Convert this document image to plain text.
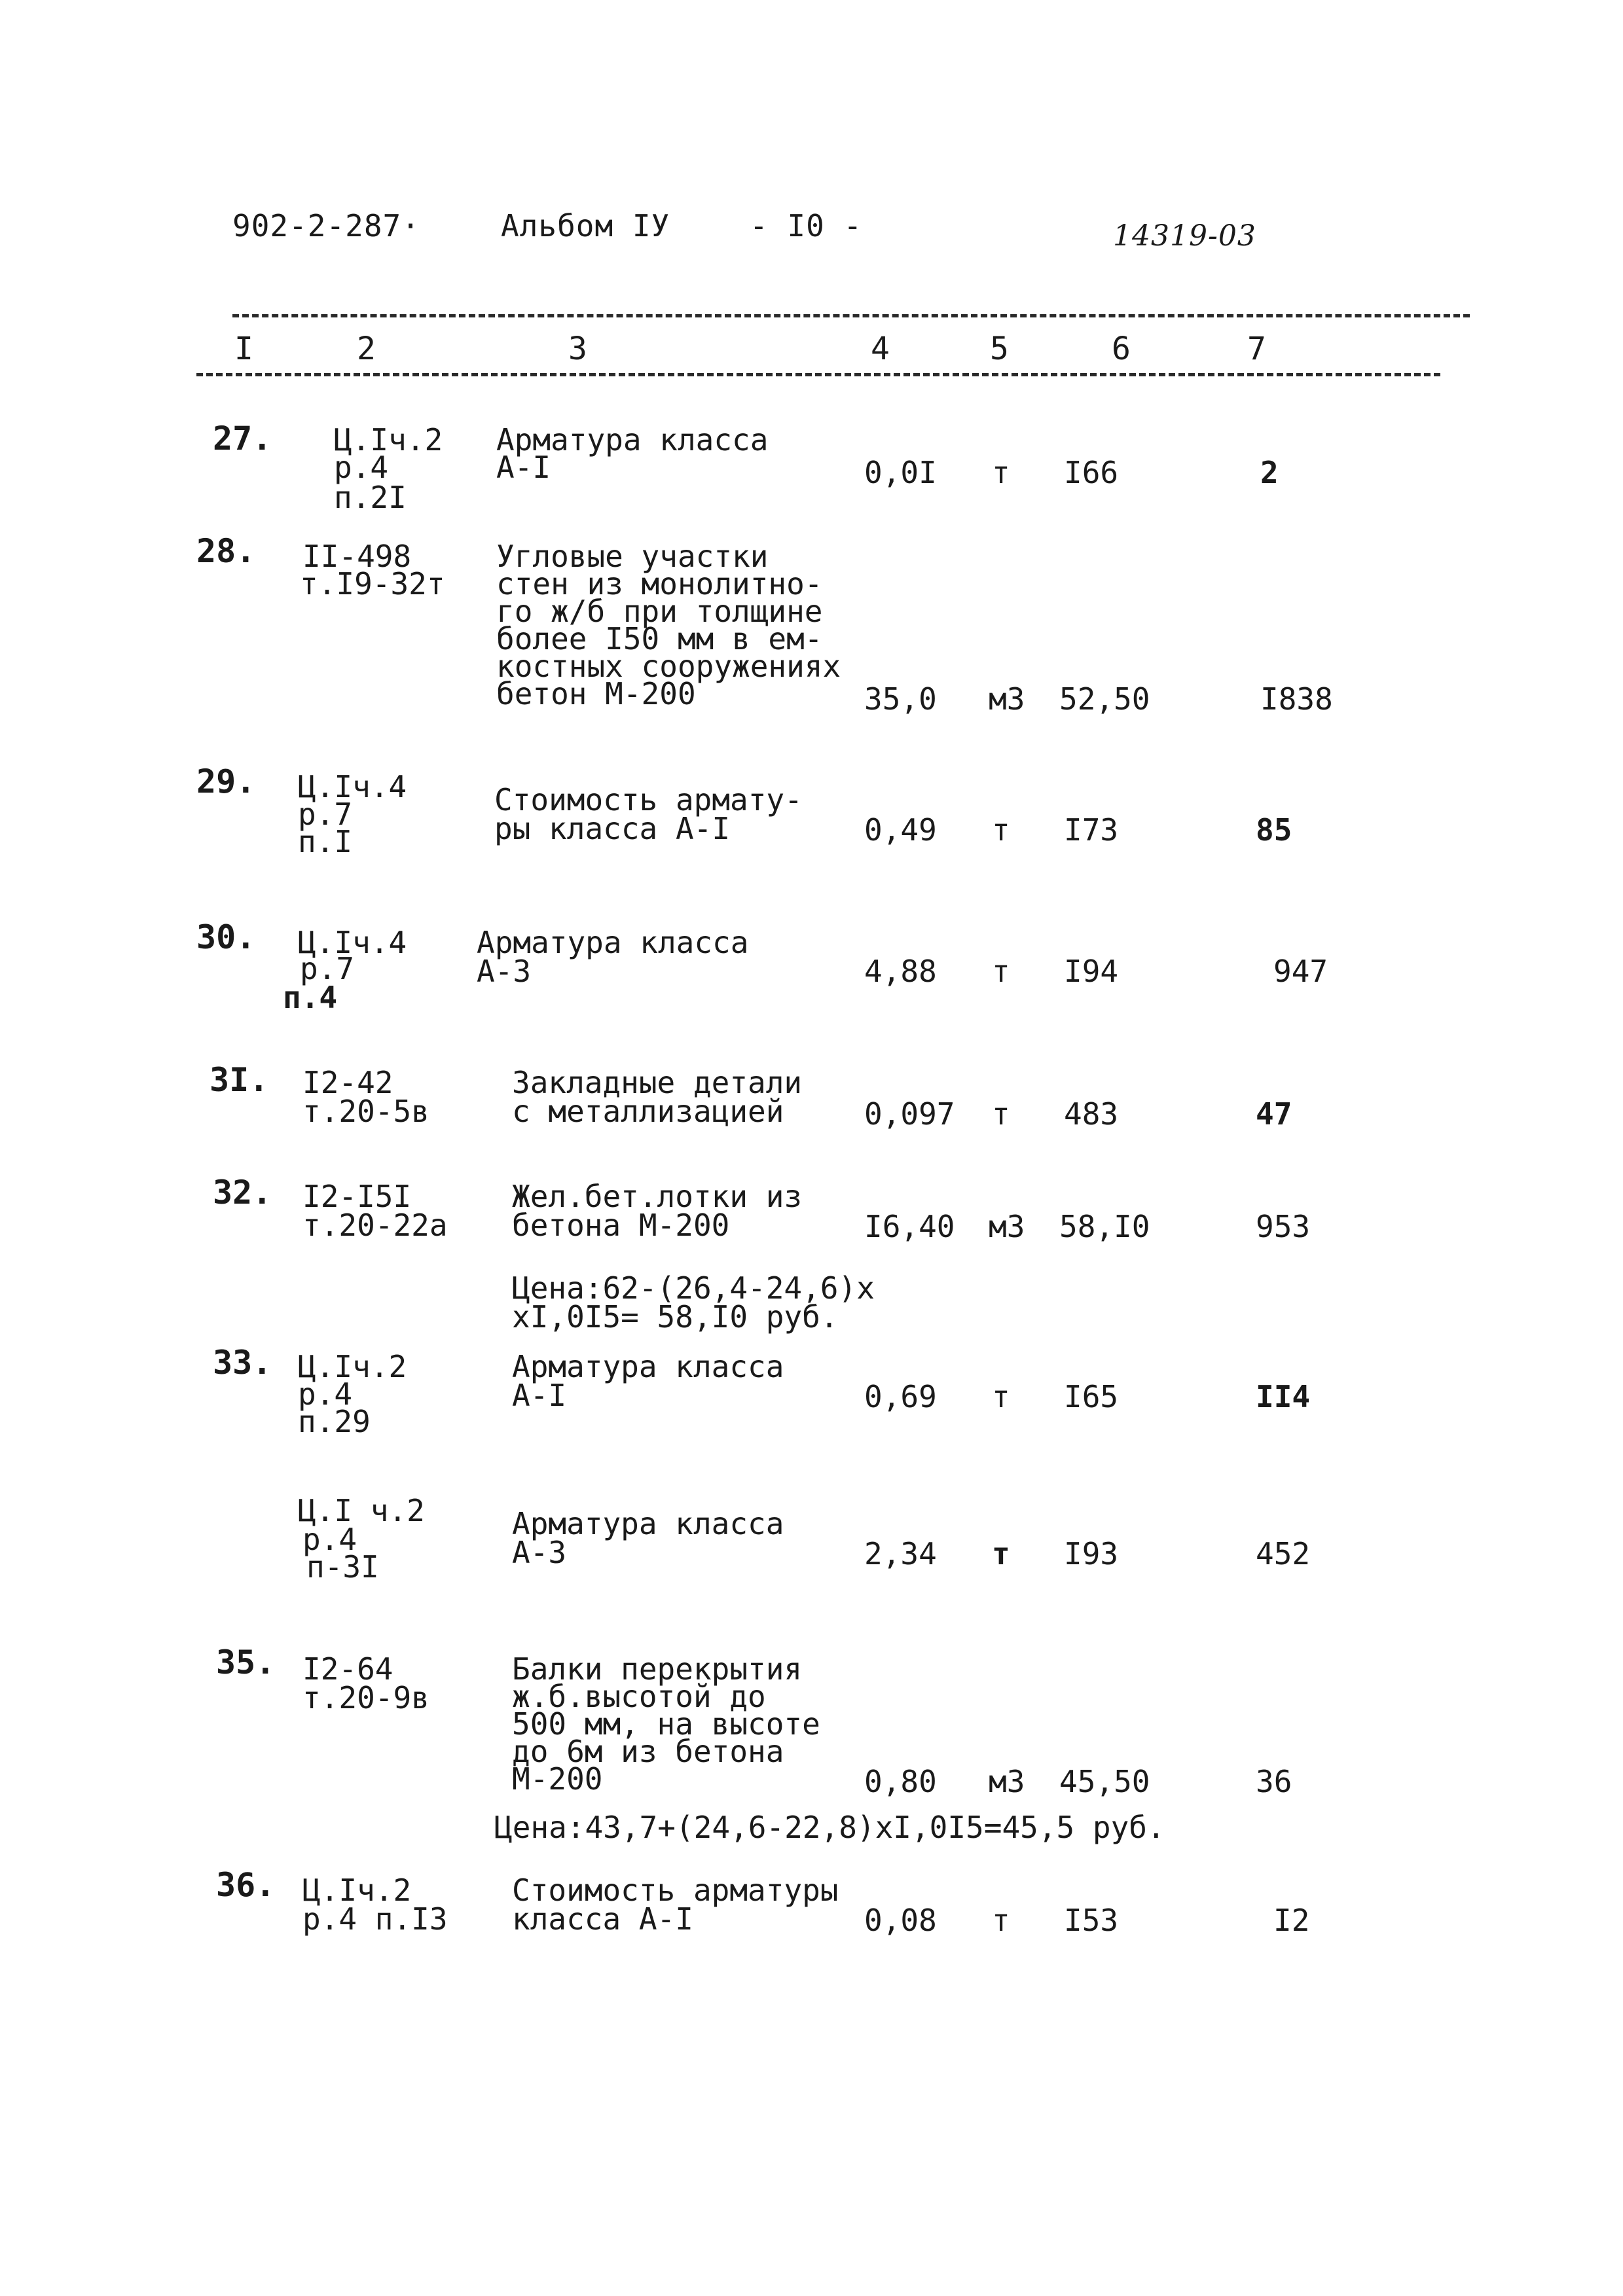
902-2-287·	Альбом IУ	- I0 -	14319-03
I	2	3	4	5	6	7
27. Ц.Iч.2
р.4
п.2I
Арматура класса
А-I	0,0I т I66	2
28. II-498
т.I9-32т
Угловые участки
стен из монолитно-
го ж/б при толщине
более I50 мм в ем-
костных сооружениях
бетон М-200	35,0 м3 52,50	I838
29. Ц.Iч.4
р.7
п.I
Стоимость армату-
ры класса А-I	0,49 т I73	85
30. Ц.Iч.4
р.7
п.4
Арматура класса
А-3	4,88 т I94	947
3I. I2-42
т.20-5в
Закладные детали
с металлизацией	0,097 т 483	47
32. I2-I5I
т.20-22а
Жел.бет.лотки из
бетона М-200	I6,40 м3 58,I0	953
Цена:62-(26,4-24,6)х
хI,0I5= 58,I0 руб.
33. Ц.Iч.2
р.4
п.29
Арматура класса
А-I	0,69 т I65	II4
Ц.I ч.2
р.4
п-3I
Арматура класса
А-3	2,34 т I93	452
35. I2-64
т.20-9в
Балки перекрытия
ж.б.высотой до
500 мм, на высоте
до 6м из бетона
М-200	0,80 м3 45,50	36
Цена:43,7+(24,6-22,8)хI,0I5=45,5 руб.
36. Ц.Iч.2
р.4 п.I3
Стоимость арматуры
класса А-I	0,08 т I53	I2
